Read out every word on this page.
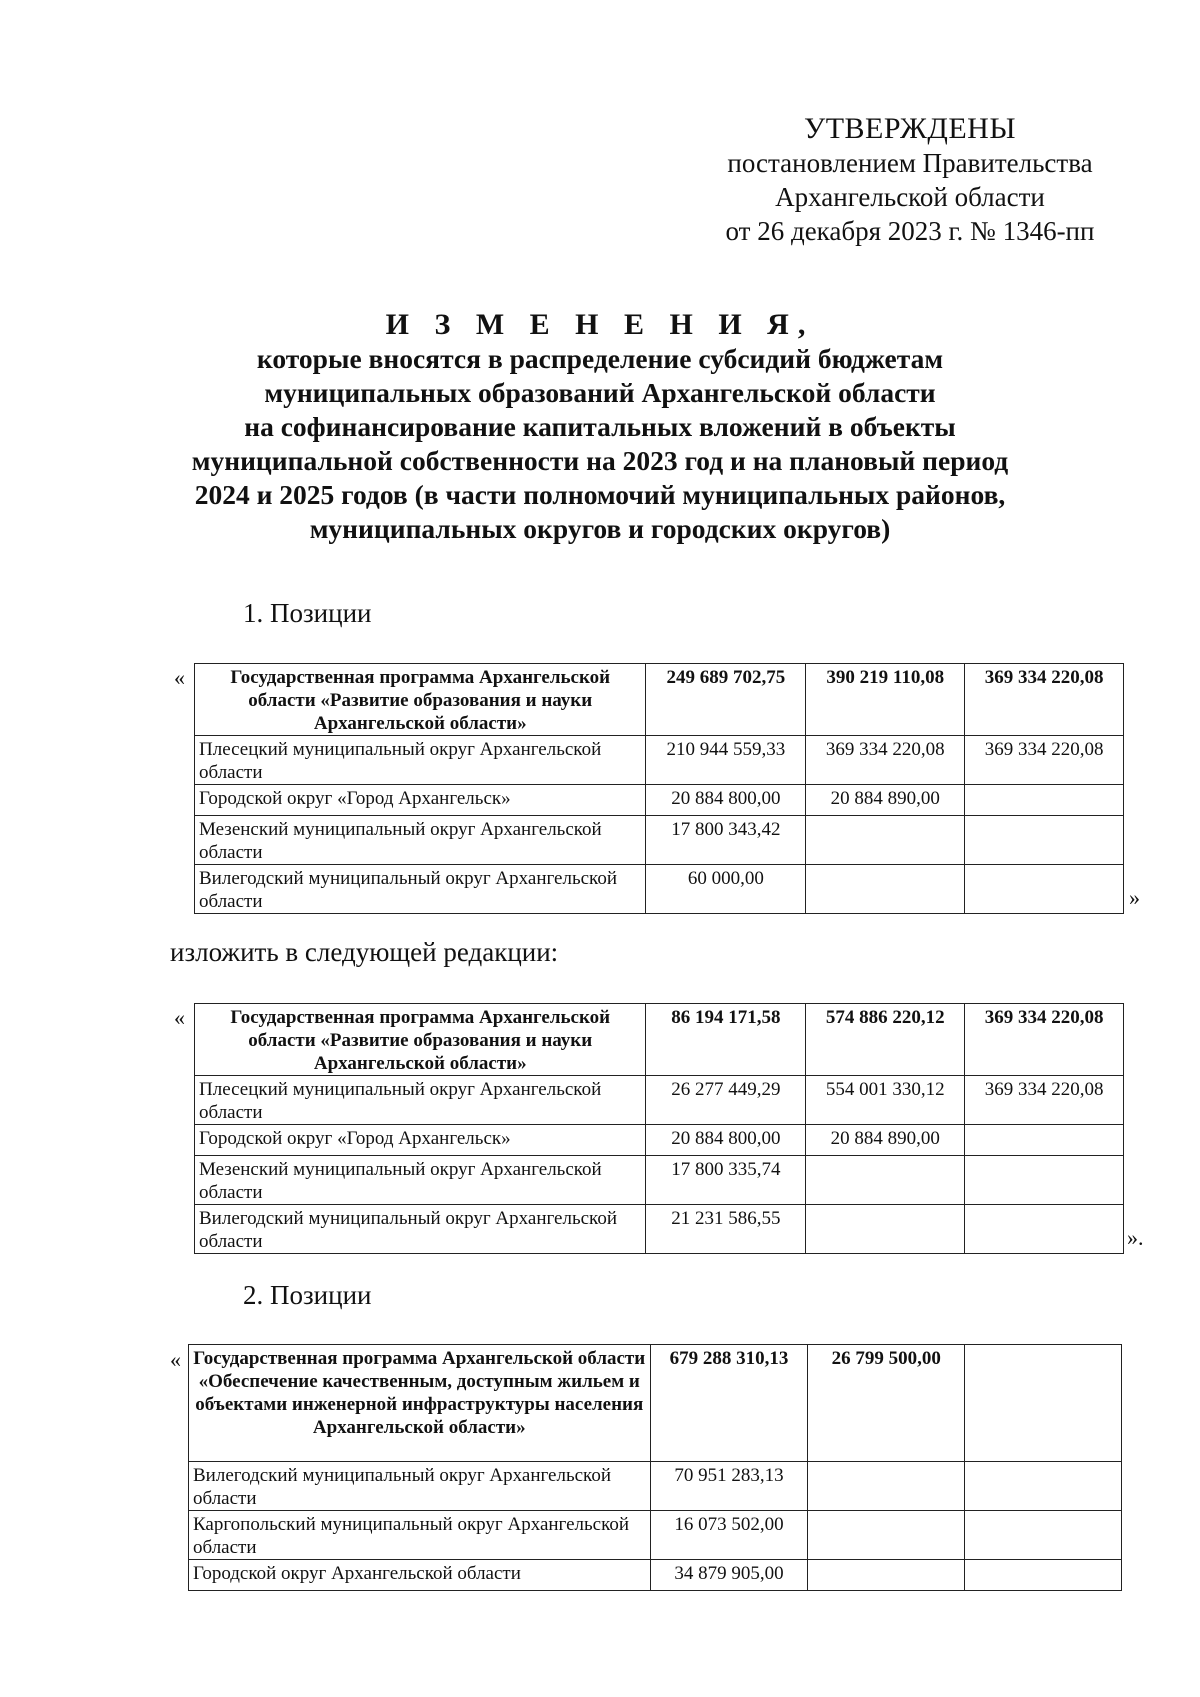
УТВЕРЖДЕНЫ
постановлением Правительства
Архангельской области
от 26 декабря 2023 г. № 1346-пп
И З М Е Н Е Н И Я,
которые вносятся в распределение субсидий бюджетам
муниципальных образований Архангельской области
на софинансирование капитальных вложений в объекты
муниципальной собственности на 2023 год и на плановый период
2024 и 2025 годов (в части полномочий муниципальных районов,
муниципальных округов и городских округов)
1. Позиции
« Государственная программа Архангельской области «Развитие образования и науки Архангельской области»	249 689 702,75	390 219 110,08	369 334 220,08
Плесецкий муниципальный округ Архангельской области	210 944 559,33	369 334 220,08	369 334 220,08
Городской округ «Город Архангельск»	20 884 800,00	20 884 890,00	
Мезенский муниципальный округ Архангельской области	17 800 343,42		
Вилегодский муниципальный округ Архангельской области	60 000,00		
»
изложить в следующей редакции:
« Государственная программа Архангельской области «Развитие образования и науки Архангельской области»	86 194 171,58	574 886 220,12	369 334 220,08
Плесецкий муниципальный округ Архангельской области	26 277 449,29	554 001 330,12	369 334 220,08
Городской округ «Город Архангельск»	20 884 800,00	20 884 890,00	
Мезенский муниципальный округ Архангельской области	17 800 335,74		
Вилегодский муниципальный округ Архангельской области	21 231 586,55		
».
2. Позиции
« Государственная программа Архангельской области «Обеспечение качественным, доступным жильем и объектами инженерной инфраструктуры населения Архангельской области»	679 288 310,13	26 799 500,00	
Вилегодский муниципальный округ Архангельской области	70 951 283,13		
Каргопольский муниципальный округ Архангельской области	16 073 502,00		
Городской округ Архангельской области	34 879 905,00		
